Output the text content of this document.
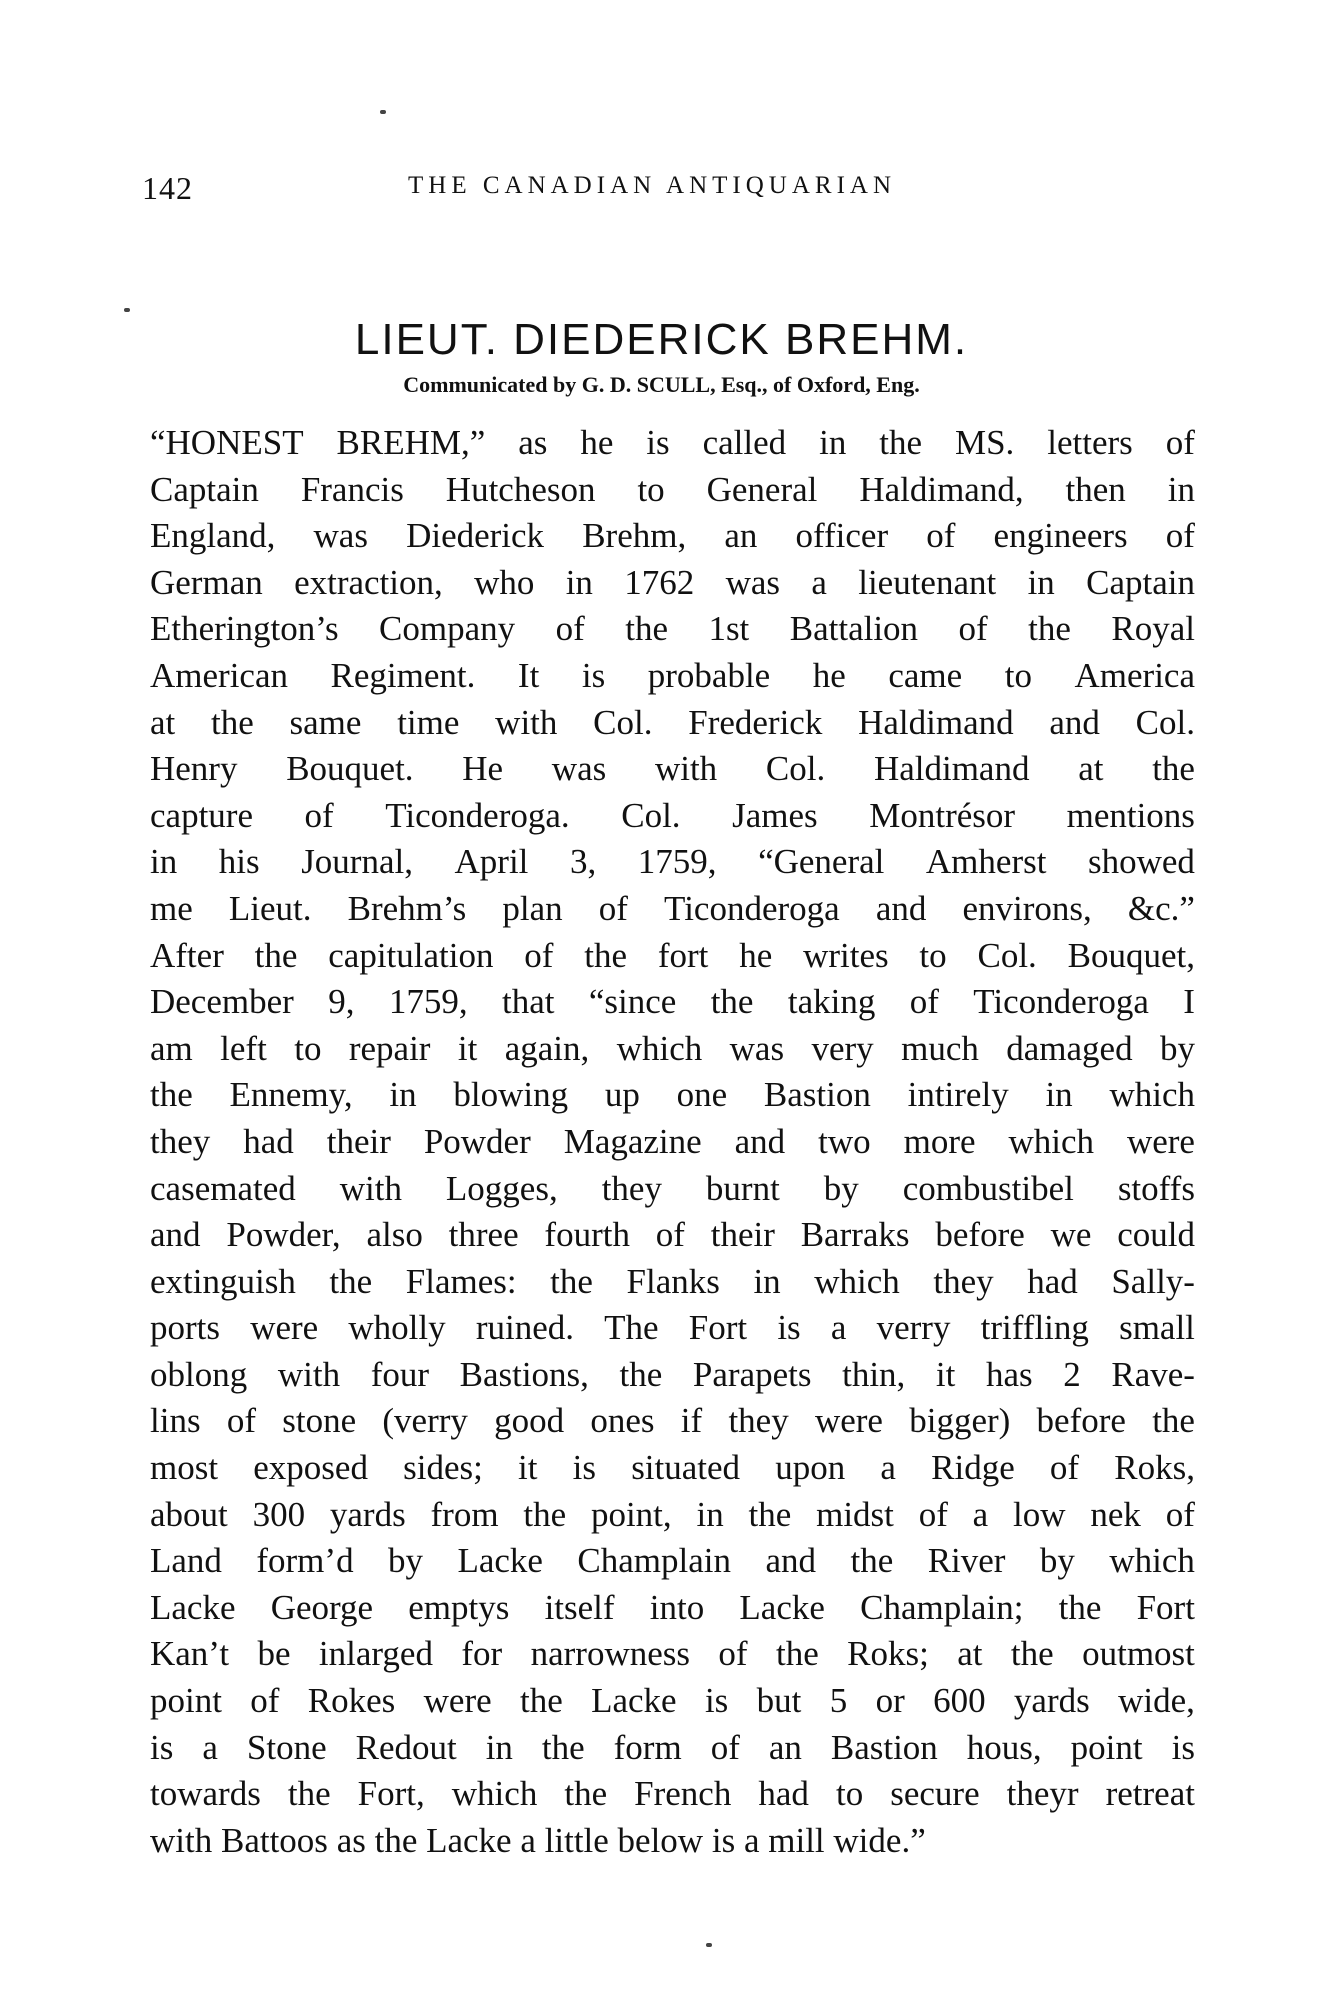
142	THE CANADIAN ANTIQUARIAN
LIEUT. DIEDERICK BREHM.
Communicated by G. D. SCULL, Esq., of Oxford, Eng.
“HONEST BREHM,” as he is called in the MS. letters of
Captain Francis Hutcheson to General Haldimand, then in
England, was Diederick Brehm, an officer of engineers of
German extraction, who in 1762 was a lieutenant in Captain
Etherington’s Company of the 1st Battalion of the Royal
American Regiment. It is probable he came to America
at the same time with Col. Frederick Haldimand and Col.
Henry Bouquet. He was with Col. Haldimand at the
capture of Ticonderoga. Col. James Montrésor mentions
in his Journal, April 3, 1759, “General Amherst showed
me Lieut. Brehm’s plan of Ticonderoga and environs, &c.”
After the capitulation of the fort he writes to Col. Bouquet,
December 9, 1759, that “since the taking of Ticonderoga I
am left to repair it again, which was very much damaged by
the Ennemy, in blowing up one Bastion intirely in which
they had their Powder Magazine and two more which were
casemated with Logges, they burnt by combustibel stoffs
and Powder, also three fourth of their Barraks before we could
extinguish the Flames: the Flanks in which they had Sally-
ports were wholly ruined. The Fort is a verry triffling small
oblong with four Bastions, the Parapets thin, it has 2 Rave-
lins of stone (verry good ones if they were bigger) before the
most exposed sides; it is situated upon a Ridge of Roks,
about 300 yards from the point, in the midst of a low nek of
Land form’d by Lacke Champlain and the River by which
Lacke George emptys itself into Lacke Champlain; the Fort
Kan’t be inlarged for narrowness of the Roks; at the outmost
point of Rokes were the Lacke is but 5 or 600 yards wide,
is a Stone Redout in the form of an Bastion hous, point is
towards the Fort, which the French had to secure theyr retreat
with Battoos as the Lacke a little below is a mill wide.”
